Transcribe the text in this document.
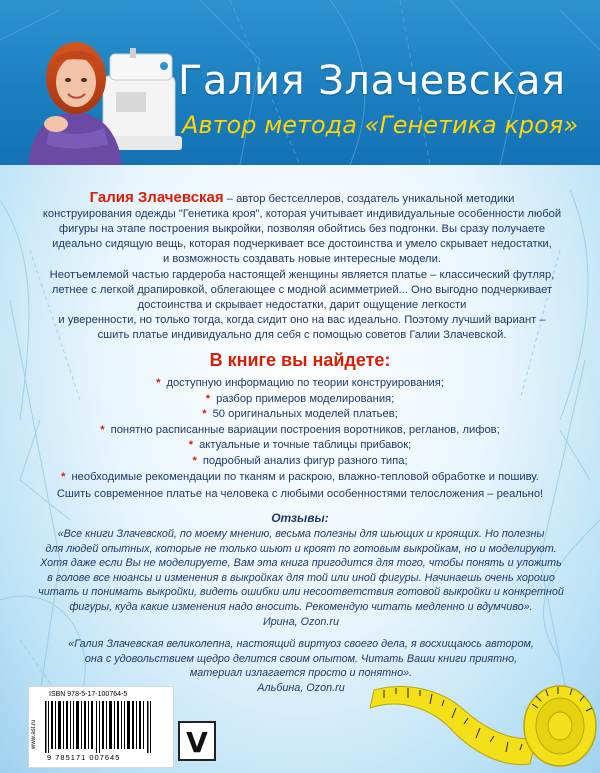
Галия Злачевская
Автор метода «Генетика кроя»
Галия Злачевская – автор бестселлеров, создатель уникальной методики
конструирования одежды "Генетика кроя", которая учитывает индивидуальные особенности любой
фигуры на этапе построения выкройки, позволяя обойтись без подгонки. Вы сразу получаете
идеально сидящую вещь, которая подчеркивает все достоинства и умело скрывает недостатки,
и возможность создавать новые интересные модели.
Неотъемлемой частью гардероба настоящей женщины является платье – классический футляр,
летнее с легкой драпировкой, облегающее с модной асимметрией... Оно выгодно подчеркивает
достоинства и скрывает недостатки, дарит ощущение легкости
и уверенности, но только тогда, когда сидит оно на вас идеально. Поэтому лучший вариант –
сшить платье индивидуально для себя с помощью советов Галии Злачевской.
В книге вы найдете:
* доступную информацию по теории конструирования;
* разбор примеров моделирования;
* 50 оригинальных моделей платьев;
* понятно расписанные вариации построения воротников, регланов, лифов;
* актуальные и точные таблицы прибавок;
* подробный анализ фигур разного типа;
* необходимые рекомендации по тканям и раскрою, влажно-тепловой обработке и пошиву.
Сшить современное платье на человека с любыми особенностями телосложения – реально!
Отзывы:
«Все книги Злачевской, по моему мнению, весьма полезны для шьющих и кроящих. Но полезны
для людей опытных, которые не только шьют и кроят по готовым выкройкам, но и моделируют.
Хотя даже если Вы не моделируете, Вам эта книга пригодится для того, чтобы понять и уложить
в голове все нюансы и изменения в выкройках для той или иной фигуры. Начинаешь очень хорошо
читать и понимать выкройки, видеть ошибки или несоответствия готовой выкройки и конкретной
фигуры, куда какие изменения надо вносить. Рекомендую читать медленно и вдумчиво».
Ирина, Ozon.ru
«Галия Злачевская великолепна, настоящий виртуоз своего дела, я восхищаюсь автором,
она с удовольствием щедро делится своим опытом. Читать Ваши книги приятно,
материал излагается просто и понятно».
Альбина, Ozon.ru
www.ast.ru
ISBN 978-5-17-100764-5
9 785171 007645 V
